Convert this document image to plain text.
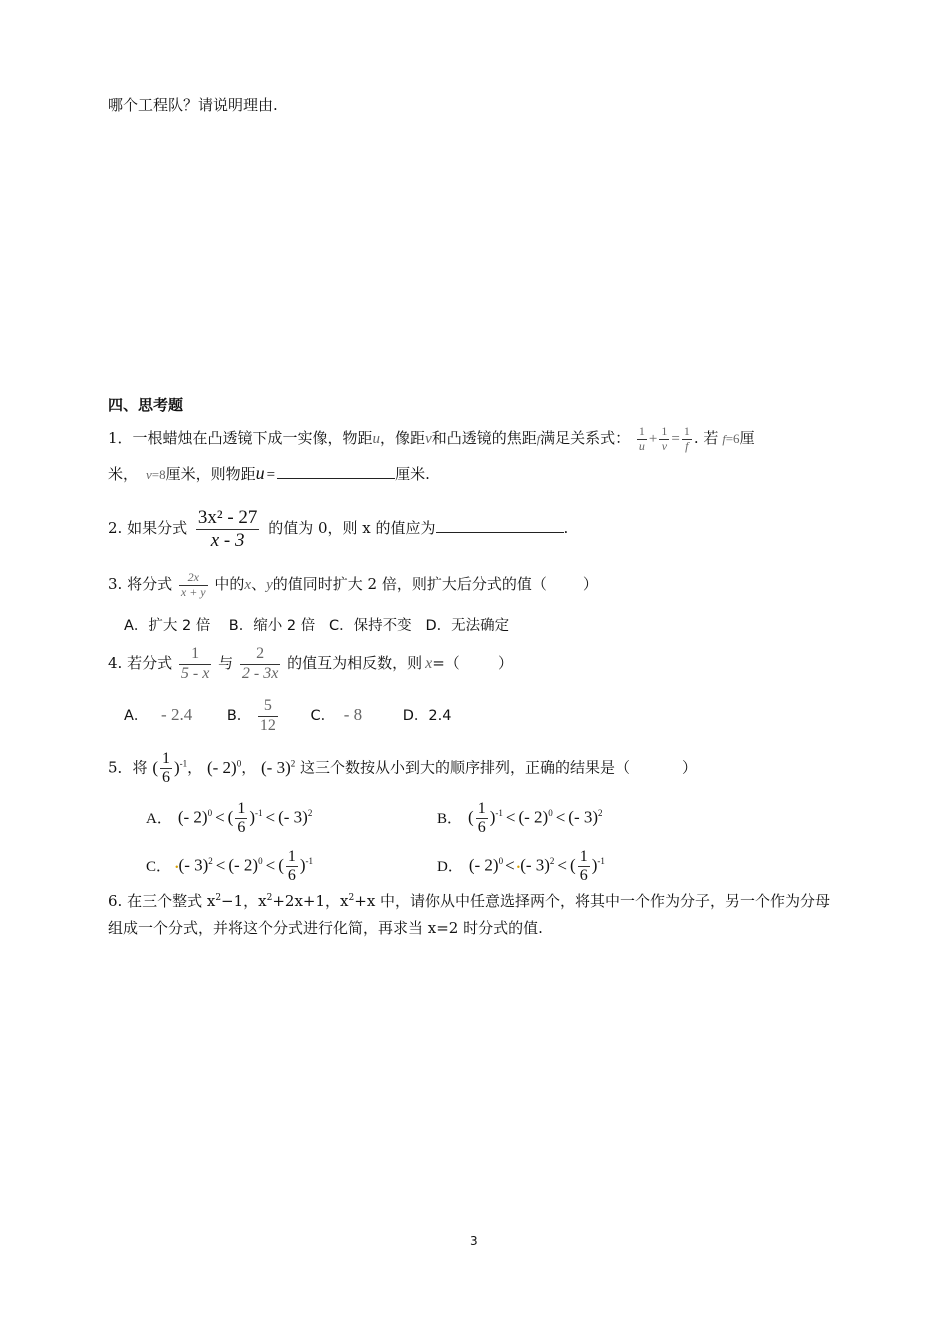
哪个工程队？请说明理由.
四、思考题
1．一根蜡烛在凸透镜下成一实像，物距u，像距v和凸透镜的焦距f满足关系式： $\frac{1}{u} + \frac{1}{v} = \frac{1}{f}$ . 若 f=6厘
米， v=8厘米，则物距u =	厘米.
2. 如果分式 $\frac{\text{3x² - 27}}{x - 3}$ 的值为 0，则 x 的值应为	.
3. 将分式 $\frac{2x}{x + y}$ 中的x、y的值同时扩大 2 倍，则扩大后分式的值（ ）
A．扩大 2 倍    B．缩小 2 倍   C．保持不变   D．无法确定
4. 若分式 $\frac{1}{5 - x}$ 与 $\frac{2}{2 - 3x}$ 的值互为相反数，则 x=（        ）
A． - 2.4 B． $\frac{5}{12}$ C． - 8	D．2.4
5．将 ( $\frac{1}{6} )^{-1}$， (- 2)$^0$， (- 3)$^2$ 这三个数按从小到大的顺序排列，正确的结果是（	）
A． (- 2)$^0$ < ( $\frac{1}{6} )^{-1}$ < (- 3)$^2$	B． ( $\frac{1}{6} )^{-1}$ < (- 2)$^0$ < (- 3)$^2$
C． •(- 3)$^2$ < (- 2)$^0$ < ( $\frac{1}{6} )^{-1}$	D． (- 2)$^0$ < •(- 3)$^2$ < ( $\frac{1}{6} )^{-1}$
6. 在三个整式 $x^2-1$，$x^2+2x+1$，$x^2+x$ 中，请你从中任意选择两个，将其中一个作为分子，另一个作为分母
组成一个分式，并将这个分式进行化简，再求当 x=2 时分式的值.
3
